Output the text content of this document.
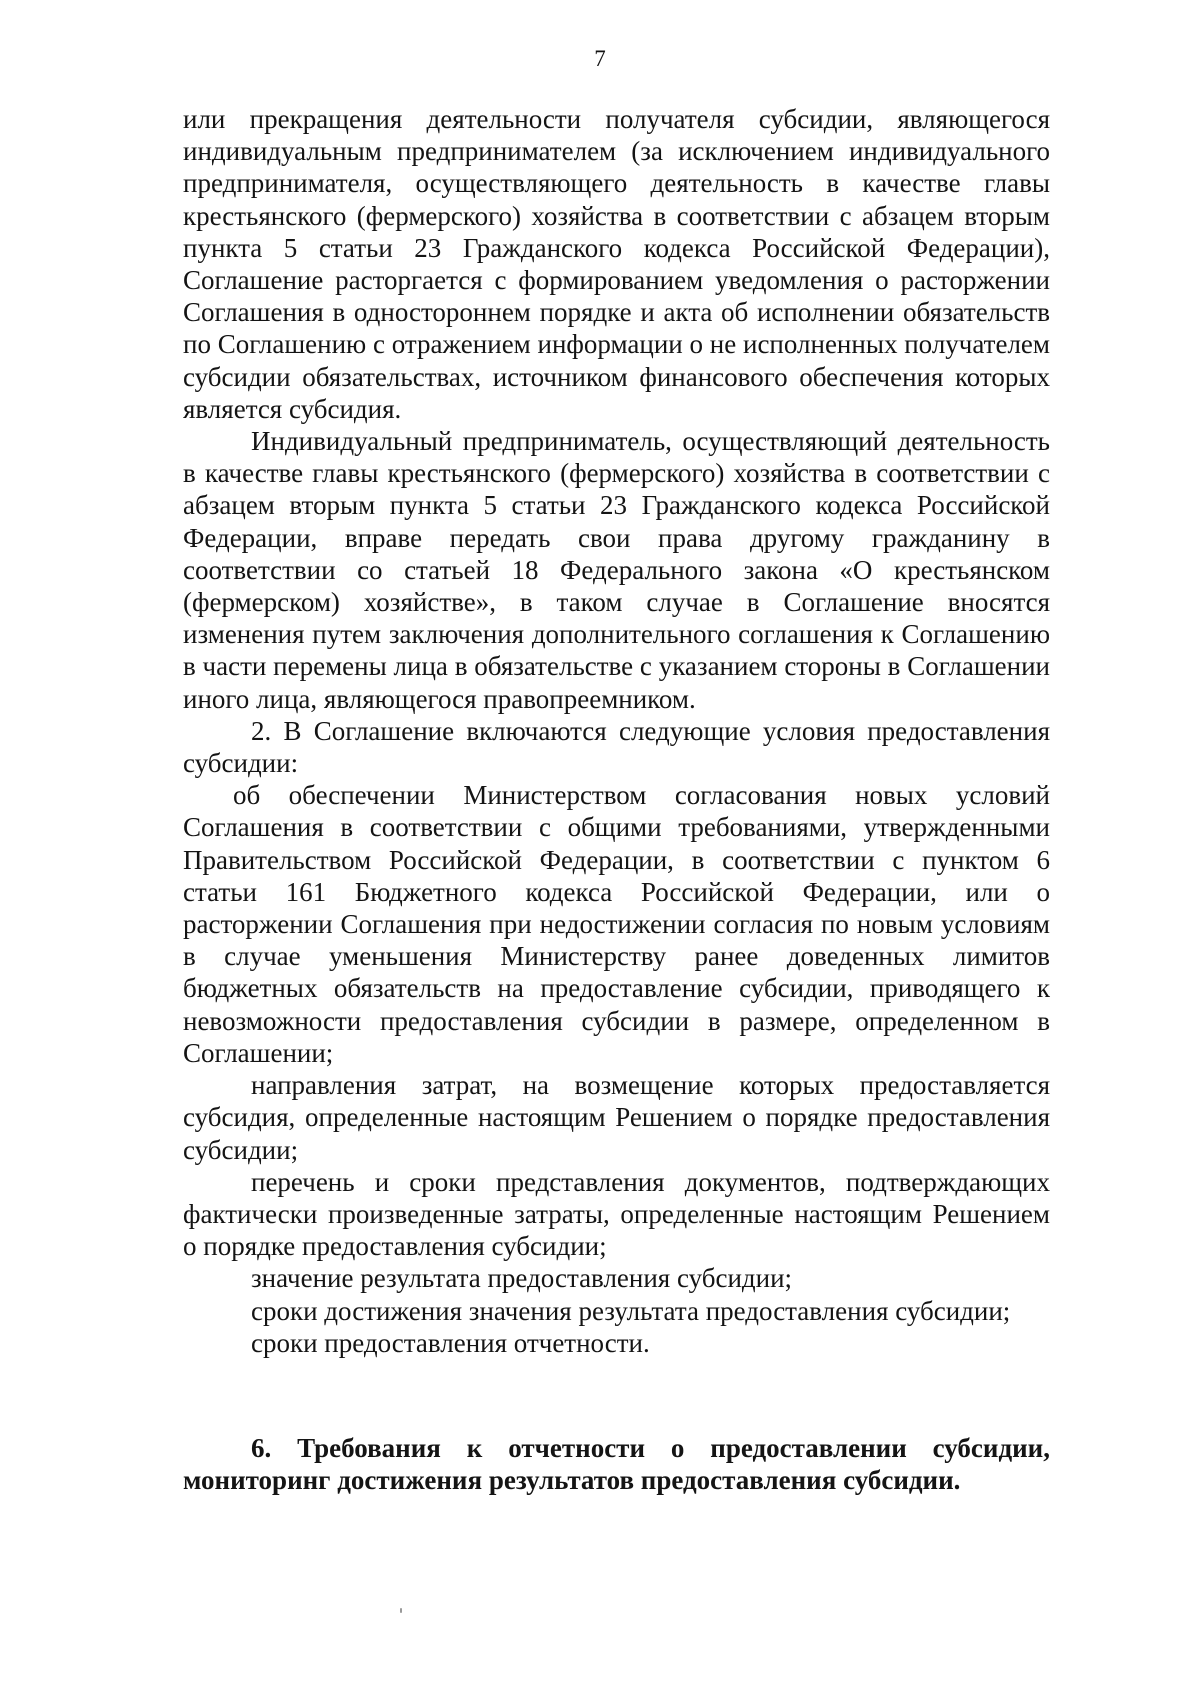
7

или прекращения деятельности получателя субсидии, являющегося индивидуальным предпринимателем (за исключением индивидуального предпринимателя, осуществляющего деятельность в качестве главы крестьянского (фермерского) хозяйства в соответствии с абзацем вторым пункта 5 статьи 23 Гражданского кодекса Российской Федерации), Соглашение расторгается с формированием уведомления о расторжении Соглашения в одностороннем порядке и акта об исполнении обязательств по Соглашению с отражением информации о не исполненных получателем субсидии обязательствах, источником финансового обеспечения которых является субсидия.

Индивидуальный предприниматель, осуществляющий деятельность в качестве главы крестьянского (фермерского) хозяйства в соответствии с абзацем вторым пункта 5 статьи 23 Гражданского кодекса Российской Федерации, вправе передать свои права другому гражданину в соответствии со статьей 18 Федерального закона «О крестьянском (фермерском) хозяйстве», в таком случае в Соглашение вносятся изменения путем заключения дополнительного соглашения к Соглашению в части перемены лица в обязательстве с указанием стороны в Соглашении иного лица, являющегося правопреемником.

2. В Соглашение включаются следующие условия предоставления субсидии:

об обеспечении Министерством согласования новых условий Соглашения в соответствии с общими требованиями, утвержденными Правительством Российской Федерации, в соответствии с пунктом 6 статьи 161 Бюджетного кодекса Российской Федерации, или о расторжении Соглашения при недостижении согласия по новым условиям в случае уменьшения Министерству ранее доведенных лимитов бюджетных обязательств на предоставление субсидии, приводящего к невозможности предоставления субсидии в размере, определенном в Соглашении;

направления затрат, на возмещение которых предоставляется субсидия, определенные настоящим Решением о порядке предоставления субсидии;

перечень и сроки представления документов, подтверждающих фактически произведенные затраты, определенные настоящим Решением о порядке предоставления субсидии;

значение результата предоставления субсидии;

сроки достижения значения результата предоставления субсидии;

сроки предоставления отчетности.

6. Требования к отчетности о предоставлении субсидии, мониторинг достижения результатов предоставления субсидии.
